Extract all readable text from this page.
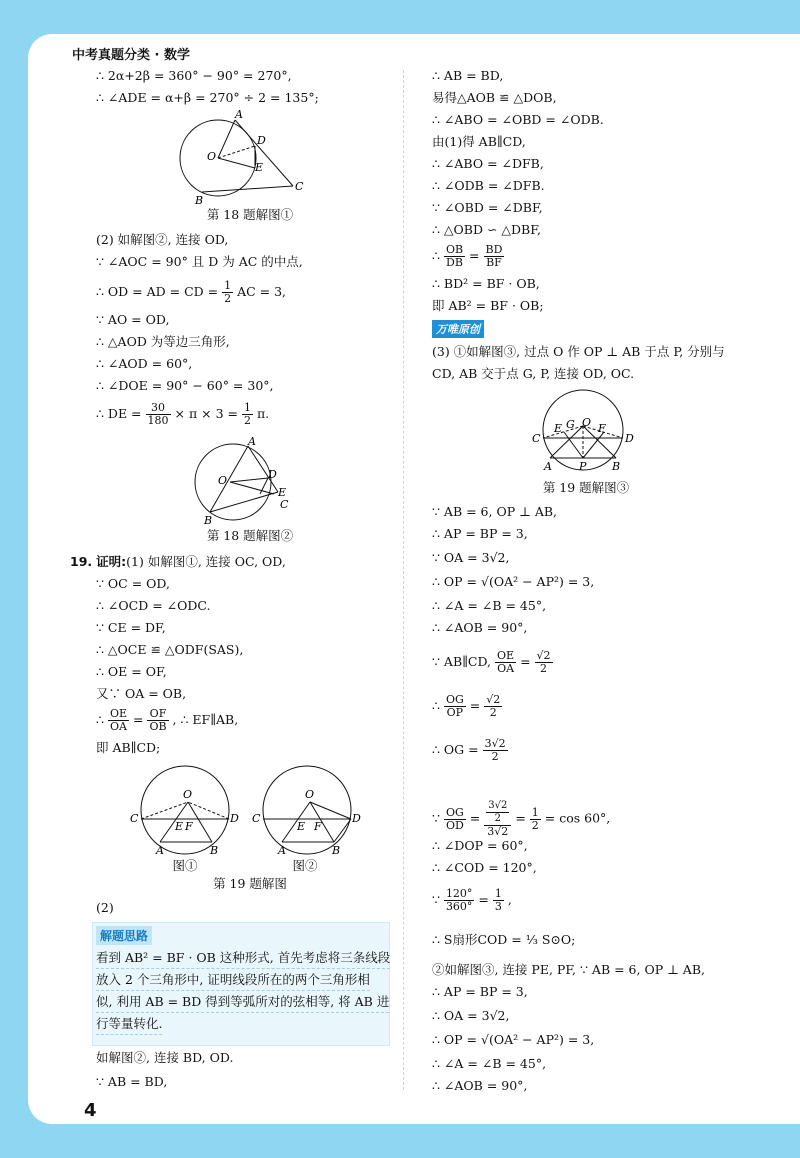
中考真题分类 · 数学
∴ 2α+2β = 360° − 90° = 270°,
∴ ∠ADE = α+β = 270° ÷ 2 = 135°;
A
D
E
O
B
C
第 18 题解图①
(2) 如解图②, 连接 OD,
∵ ∠AOC = 90° 且 D 为 AC 的中点,
∴ OD = AD = CD = $\frac{1}{2}$ AC = 3,
∵ AO = OD,
∴ △AOD 为等边三角形,
∴ ∠AOD = 60°,
∴ ∠DOE = 90° − 60° = 30°,
∴ DE = $\frac{30}{180} \times \pi \times 3 = \frac{1}{2} \pi$.
A
O	D
E
C
B
第 18 题解图②
19. 证明:(1) 如解图①, 连接 OC, OD,
∵ OC = OD,
∴ ∠OCD = ∠ODC.
∵ CE = DF,
∴ △OCE ≌ △ODF(SAS),
∴ OE = OF,
又∵ OA = OB,
∴ $\frac{OE}{OA} = \frac{OF}{OB}$ , ∴ EF∥AB,
即 AB∥CD;
O
C	D
E F
A	B
O
C	D
E F
A	B
图①	图②
第 19 题解图
(2)
解题思路
看到 AB² = BF · OB 这种形式, 首先考虑将三条线段
放入 2 个三角形中, 证明线段所在的两个三角形相
似, 利用 AB = BD 得到等弧所对的弦相等, 将 AB 进
行等量转化.
如解图②, 连接 BD, OD.
∵ AB = BD,
4
∴ AB = BD,
易得△AOB ≌ △DOB,
∴ ∠ABO = ∠OBD = ∠ODB.
由(1)得 AB∥CD,
∴ ∠ABO = ∠DFB,
∴ ∠ODB = ∠DFB.
∵ ∠OBD = ∠DBF,
∴ △OBD ∽ △DBF,
∴ $\frac{OB}{DB} = \frac{BD}{BF}$
∴ BD² = BF · OB,
即 AB² = BF · OB;
万唯原创
(3) ①如解图③, 过点 O 作 OP ⊥ AB 于点 P, 分别与
CD, AB 交于点 G, P, 连接 OD, OC.
E G O F
C	D
A P B
第 19 题解图③
∵ AB = 6, OP ⊥ AB,
∴ AP = BP = 3,
∵ OA = 3√2,
∴ OP = √(OA² − AP²) = 3,
∴ ∠A = ∠B = 45°,
∴ ∠AOB = 90°,
∵ AB∥CD, $\frac{OE}{OA} = \frac{√2}{2}$
∴ $\frac{OG}{OP} = \frac{√2}{2}$
∴ OG = $\frac{3√2}{2}$
∵ $\frac{OG}{OD} = \frac{\frac{3√2}{2}}{3√2} = \frac{1}{2} = \cos 60^\circ$,
∴ ∠DOP = 60°,
∴ ∠COD = 120°,
∵ $\frac{120^\circ}{360^\circ} = \frac{1}{3}$ ,
∴ S扇形COD = ⅓ S⊙O;
②如解图③, 连接 PE, PF, ∵ AB = 6, OP ⊥ AB,
∴ AP = BP = 3,
∴ OA = 3√2,
∴ OP = √(OA² − AP²) = 3,
∴ ∠A = ∠B = 45°,
∴ ∠AOB = 90°,
